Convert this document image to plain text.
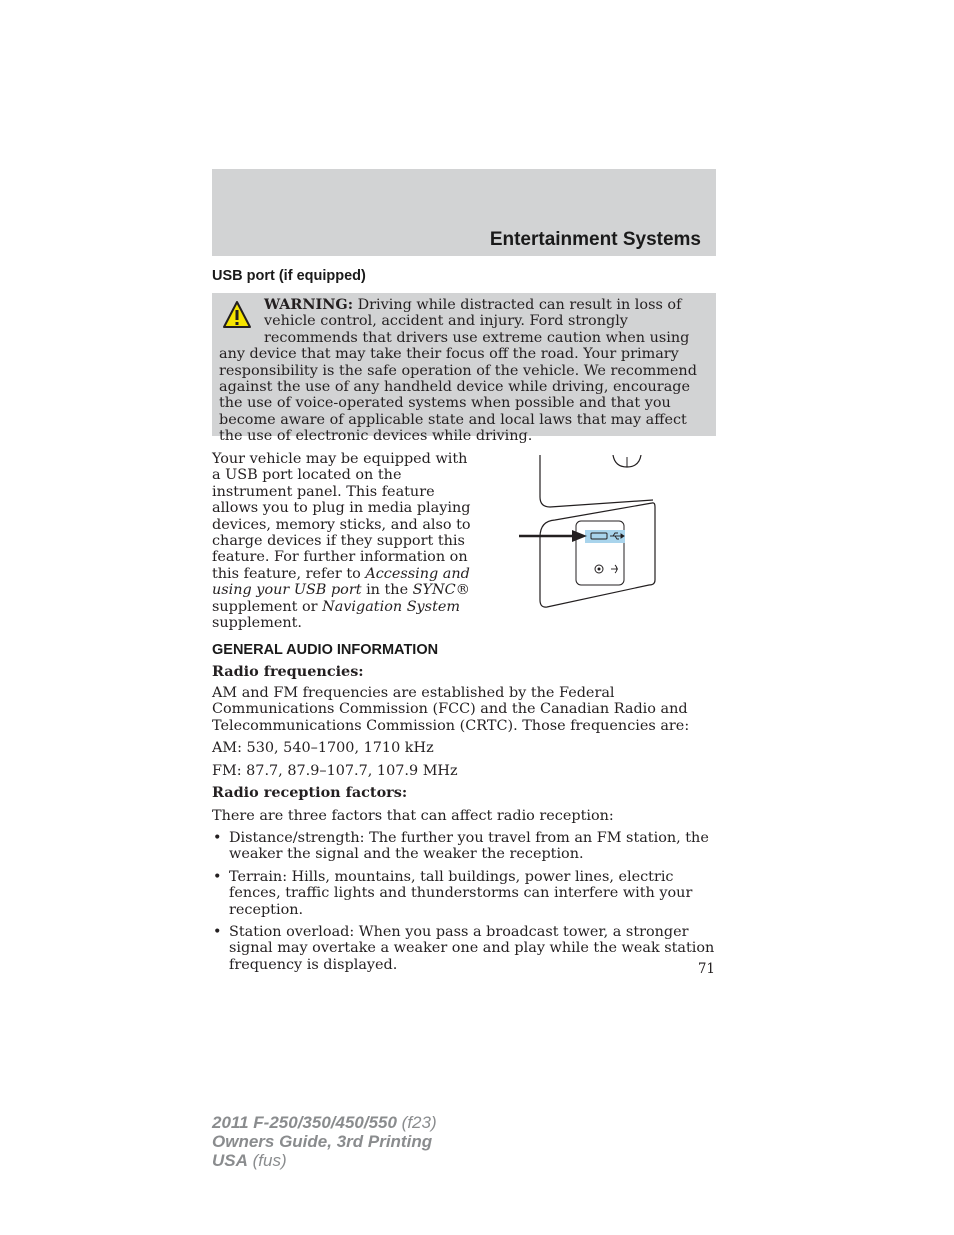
Entertainment Systems
USB port (if equipped)
WARNING: Driving while distracted can result in loss of vehicle control, accident and injury. Ford strongly recommends that drivers use extreme caution when using any device that may take their focus off the road. Your primary responsibility is the safe operation of the vehicle. We recommend against the use of any handheld device while driving, encourage the use of voice-operated systems when possible and that you become aware of applicable state and local laws that may affect the use of electronic devices while driving.

Your vehicle may be equipped with a USB port located on the instrument panel. This feature allows you to plug in media playing devices, memory sticks, and also to charge devices if they support this feature. For further information on this feature, refer to Accessing and using your USB port in the SYNC® supplement or Navigation System supplement.

GENERAL AUDIO INFORMATION

Radio frequencies:

AM and FM frequencies are established by the Federal Communications Commission (FCC) and the Canadian Radio and Telecommunications Commission (CRTC). Those frequencies are:

AM: 530, 540–1700, 1710 kHz

FM: 87.7, 87.9–107.7, 107.9 MHz

Radio reception factors:

There are three factors that can affect radio reception:

• Distance/strength: The further you travel from an FM station, the weaker the signal and the weaker the reception.
• Terrain: Hills, mountains, tall buildings, power lines, electric fences, traffic lights and thunderstorms can interfere with your reception.
• Station overload: When you pass a broadcast tower, a stronger signal may overtake a weaker one and play while the weak station frequency is displayed.	71
2011 F-250/350/450/550 (f23)
Owners Guide, 3rd Printing
USA (fus)
